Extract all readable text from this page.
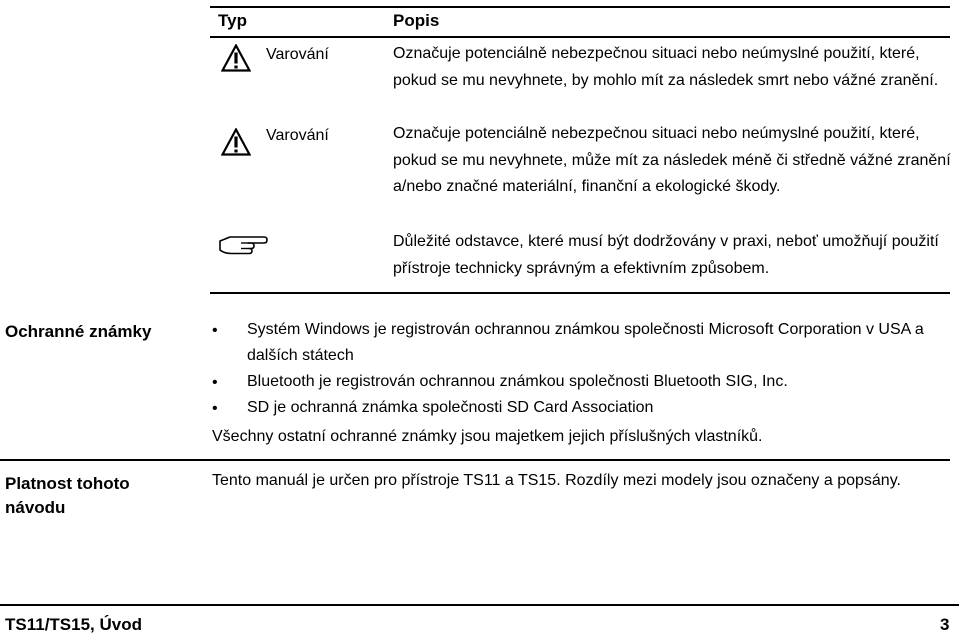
Typ	Popis
Varování	Označuje potenciálně nebezpečnou situaci nebo neúmyslné použití, které, pokud se mu nevyhnete, by mohlo mít za následek smrt nebo vážné zranění.
Varování	Označuje potenciálně nebezpečnou situaci nebo neúmyslné použití, které, pokud se mu nevyhnete, může mít za následek méně či středně vážné zranění a/nebo značné materiální, finanční a ekologické škody.
Důležité odstavce, které musí být dodržovány v praxi, neboť umožňují použití přístroje technicky správným a efektivním způsobem.
Ochranné známky	• Systém Windows je registrován ochrannou známkou společnosti Microsoft Corporation v USA a dalších státech
• Bluetooth je registrován ochrannou známkou společnosti Bluetooth SIG, Inc.
• SD je ochranná známka společnosti SD Card Association
Všechny ostatní ochranné známky jsou majetkem jejich příslušných vlastníků.
Platnost tohoto návodu
Tento manuál je určen pro přístroje TS11 a TS15. Rozdíly mezi modely jsou označeny a popsány.
TS11/TS15, Úvod	3
